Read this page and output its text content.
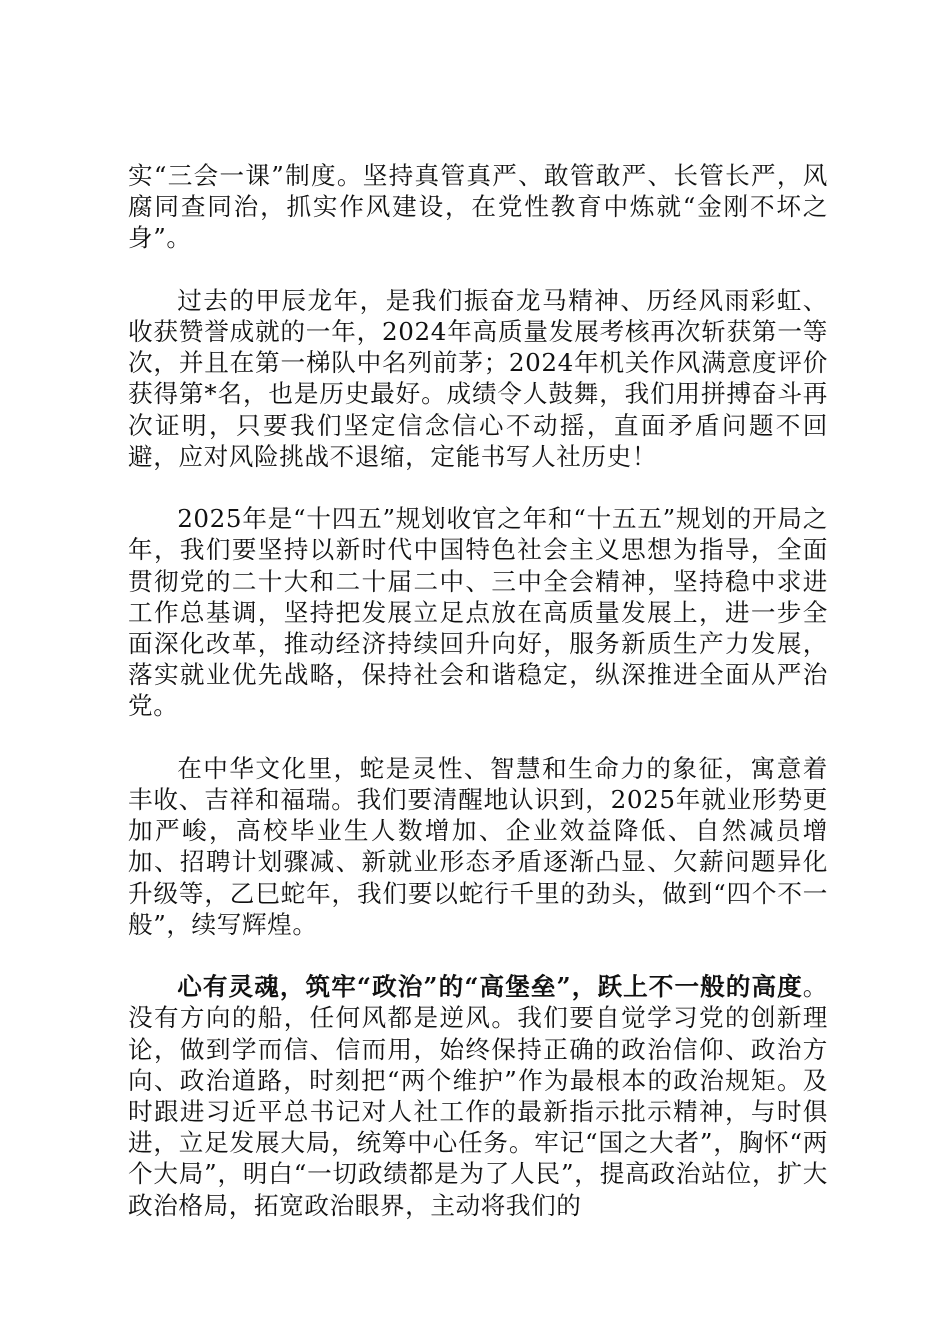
实“三会一课”制度。坚持真管真严、敢管敢严、长管长严，风腐同查同治，抓实作风建设，在党性教育中炼就“金刚不坏之身”。

过去的甲辰龙年，是我们振奋龙马精神、历经风雨彩虹、收获赞誉成就的一年，2024年高质量发展考核再次斩获第一等次，并且在第一梯队中名列前茅；2024年机关作风满意度评价获得第*名，也是历史最好。成绩令人鼓舞，我们用拼搏奋斗再次证明，只要我们坚定信念信心不动摇，直面矛盾问题不回避，应对风险挑战不退缩，定能书写人社历史！

2025年是“十四五”规划收官之年和“十五五”规划的开局之年，我们要坚持以新时代中国特色社会主义思想为指导，全面贯彻党的二十大和二十届二中、三中全会精神，坚持稳中求进工作总基调，坚持把发展立足点放在高质量发展上，进一步全面深化改革，推动经济持续回升向好，服务新质生产力发展，落实就业优先战略，保持社会和谐稳定，纵深推进全面从严治党。

在中华文化里，蛇是灵性、智慧和生命力的象征，寓意着丰收、吉祥和福瑞。我们要清醒地认识到，2025年就业形势更加严峻，高校毕业生人数增加、企业效益降低、自然减员增加、招聘计划骤减、新就业形态矛盾逐渐凸显、欠薪问题异化升级等，乙巳蛇年，我们要以蛇行千里的劲头，做到“四个不一般”，续写辉煌。

心有灵魂，筑牢“政治”的“高堡垒”，跃上不一般的高度。没有方向的船，任何风都是逆风。我们要自觉学习党的创新理论，做到学而信、信而用，始终保持正确的政治信仰、政治方向、政治道路，时刻把“两个维护”作为最根本的政治规矩。及时跟进习近平总书记对人社工作的最新指示批示精神，与时俱进，立足发展大局，统筹中心任务。牢记“国之大者”，胸怀“两个大局”，明白“一切政绩都是为了人民”，提高政治站位，扩大政治格局，拓宽政治眼界，主动将我们的
